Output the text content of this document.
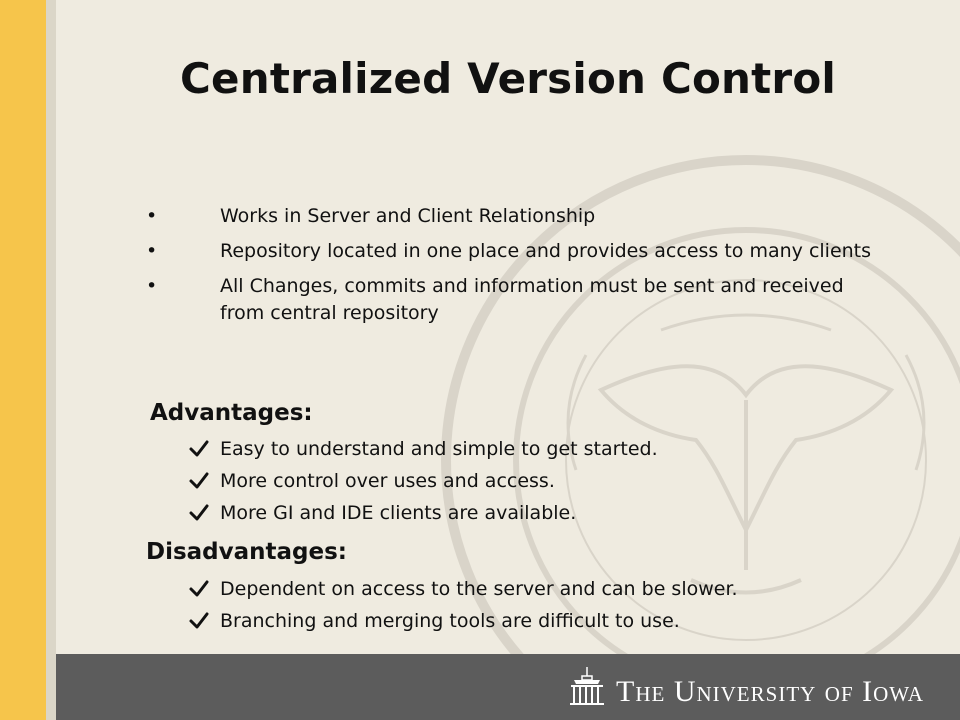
Centralized Version Control
• Works in Server and Client Relationship
• Repository located in one place and provides access to many clients
• All Changes, commits and information must be sent and received from central repository
Advantages:
Easy to understand and simple to get started.
More control over uses and access.
More GI and IDE clients are available.
Disadvantages:
Dependent on access to the server and can be slower.
Branching and merging tools are difficult to use.
The University of Iowa
